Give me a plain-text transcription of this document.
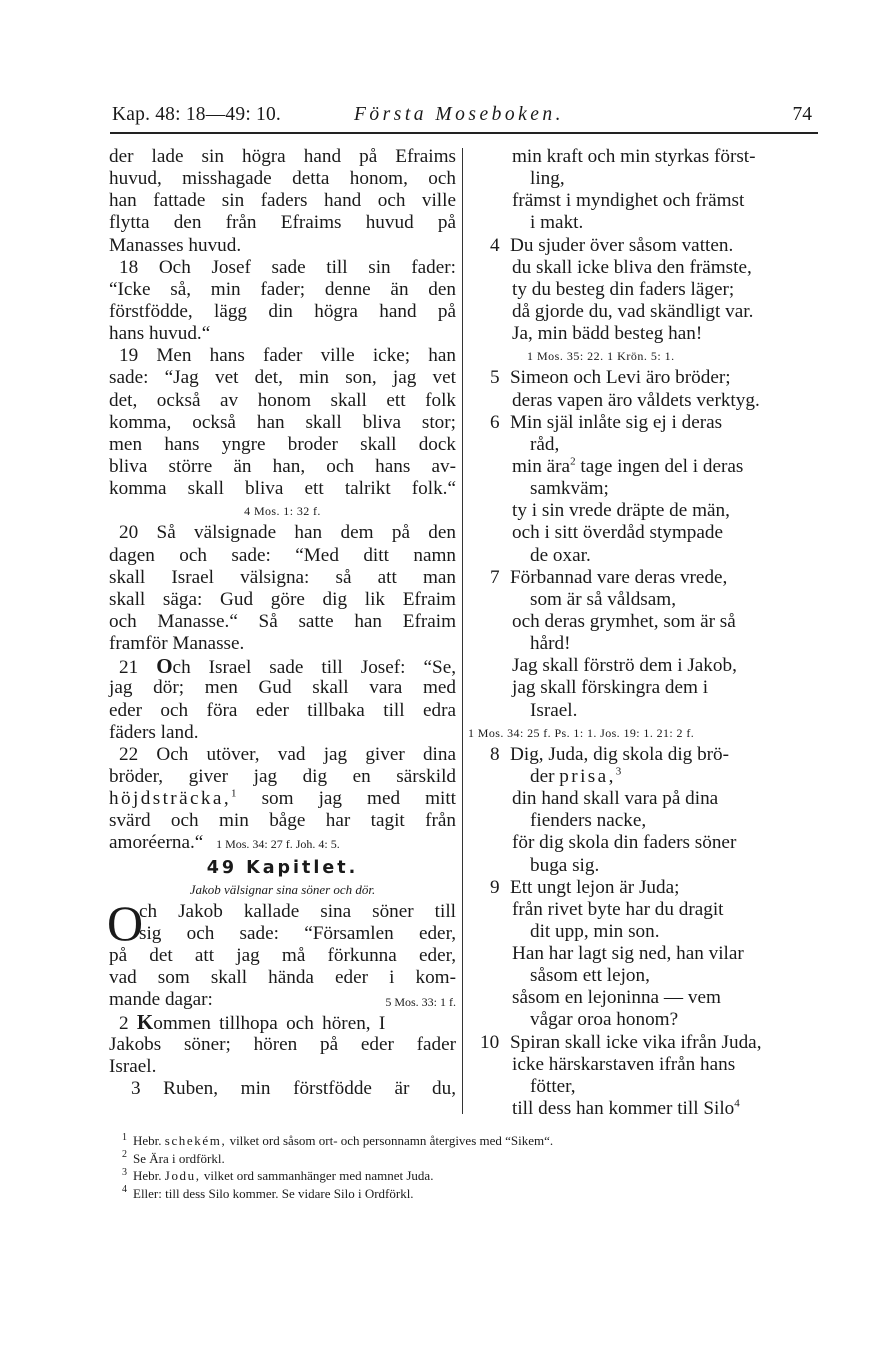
Kap. 48: 18—49: 10.	Första Moseboken.	74
der lade sin högra hand på Efraims
huvud, misshagade detta honom, och
han fattade sin faders hand och ville
flytta den från Efraims huvud på
Manasses huvud.
18 Och Josef sade till sin fader:
“Icke så, min fader; denne än den
förstfödde, lägg din högra hand på
hans huvud.“
19 Men hans fader ville icke; han
sade: “Jag vet det, min son, jag vet
det, också av honom skall ett folk
komma, också han skall bliva stor;
men hans yngre broder skall dock
bliva större än han, och hans av-
komma skall bliva ett talrikt folk.“
4 Mos. 1: 32 f.
20 Så välsignade han dem på den
dagen och sade: “Med ditt namn
skall Israel välsigna: så att man
skall säga: Gud göre dig lik Efraim
och Manasse.“ Så satte han Efraim
framför Manasse.
21 Och Israel sade till Josef: “Se,
jag dör; men Gud skall vara med
eder och föra eder tillbaka till edra
fäders land.
22 Och utöver, vad jag giver dina
bröder, giver jag dig en särskild
höjdsträcka,$^1$ som jag med mitt
svärd och min båge har tagit från
amoréerna.“ 1 Mos. 34: 27 f. Joh. 4: 5.
49 Kapitlet.
Jakob välsignar sina söner och dör.
O
ch Jakob kallade sina söner till
sig och sade: “Församlen eder,
på det att jag må förkunna eder,
vad som skall hända eder i kom-
mande dagar:	5 Mos. 33: 1 f.
2 Kommen tillhopa och hören, I
Jakobs söner; hören på eder fader
Israel.
3 Ruben, min förstfödde är du,
min kraft och min styrkas först-
ling,
främst i myndighet och främst
i makt.
4 Du sjuder över såsom vatten.
du skall icke bliva den främste,
ty du besteg din faders läger;
då gjorde du, vad skändligt var.
Ja, min bädd besteg han!
1 Mos. 35: 22. 1 Krön. 5: 1.
5 Simeon och Levi äro bröder;
deras vapen äro våldets verktyg.
6 Min själ inlåte sig ej i deras
råd,
min ära$^2$ tage ingen del i deras
samkväm;
ty i sin vrede dräpte de män,
och i sitt överdåd stympade
de oxar.
7 Förbannad vare deras vrede,
som är så våldsam,
och deras grymhet, som är så
hård!
Jag skall förströ dem i Jakob,
jag skall förskingra dem i
Israel.
1 Mos. 34: 25 f. Ps. 1: 1. Jos. 19: 1. 21: 2 f.
8 Dig, Juda, dig skola dig brö-
der prisa,$^3$
din hand skall vara på dina
fienders nacke,
för dig skola din faders söner
buga sig.
9 Ett ungt lejon är Juda;
från rivet byte har du dragit
dit upp, min son.
Han har lagt sig ned, han vilar
såsom ett lejon,
såsom en lejoninna — vem
vågar oroa honom?
10 Spiran skall icke vika ifrån Juda,
icke härskarstaven ifrån hans
fötter,
till dess han kommer till Silo$^4$
$^1$ Hebr. schekém, vilket ord såsom ort- och personnamn återgives med “Sikem“.
$^2$ Se Ära i ordförkl.
$^3$ Hebr. Jodu, vilket ord sammanhänger med namnet Juda.
$^4$ Eller: till dess Silo kommer. Se vidare Silo i Ordförkl.
